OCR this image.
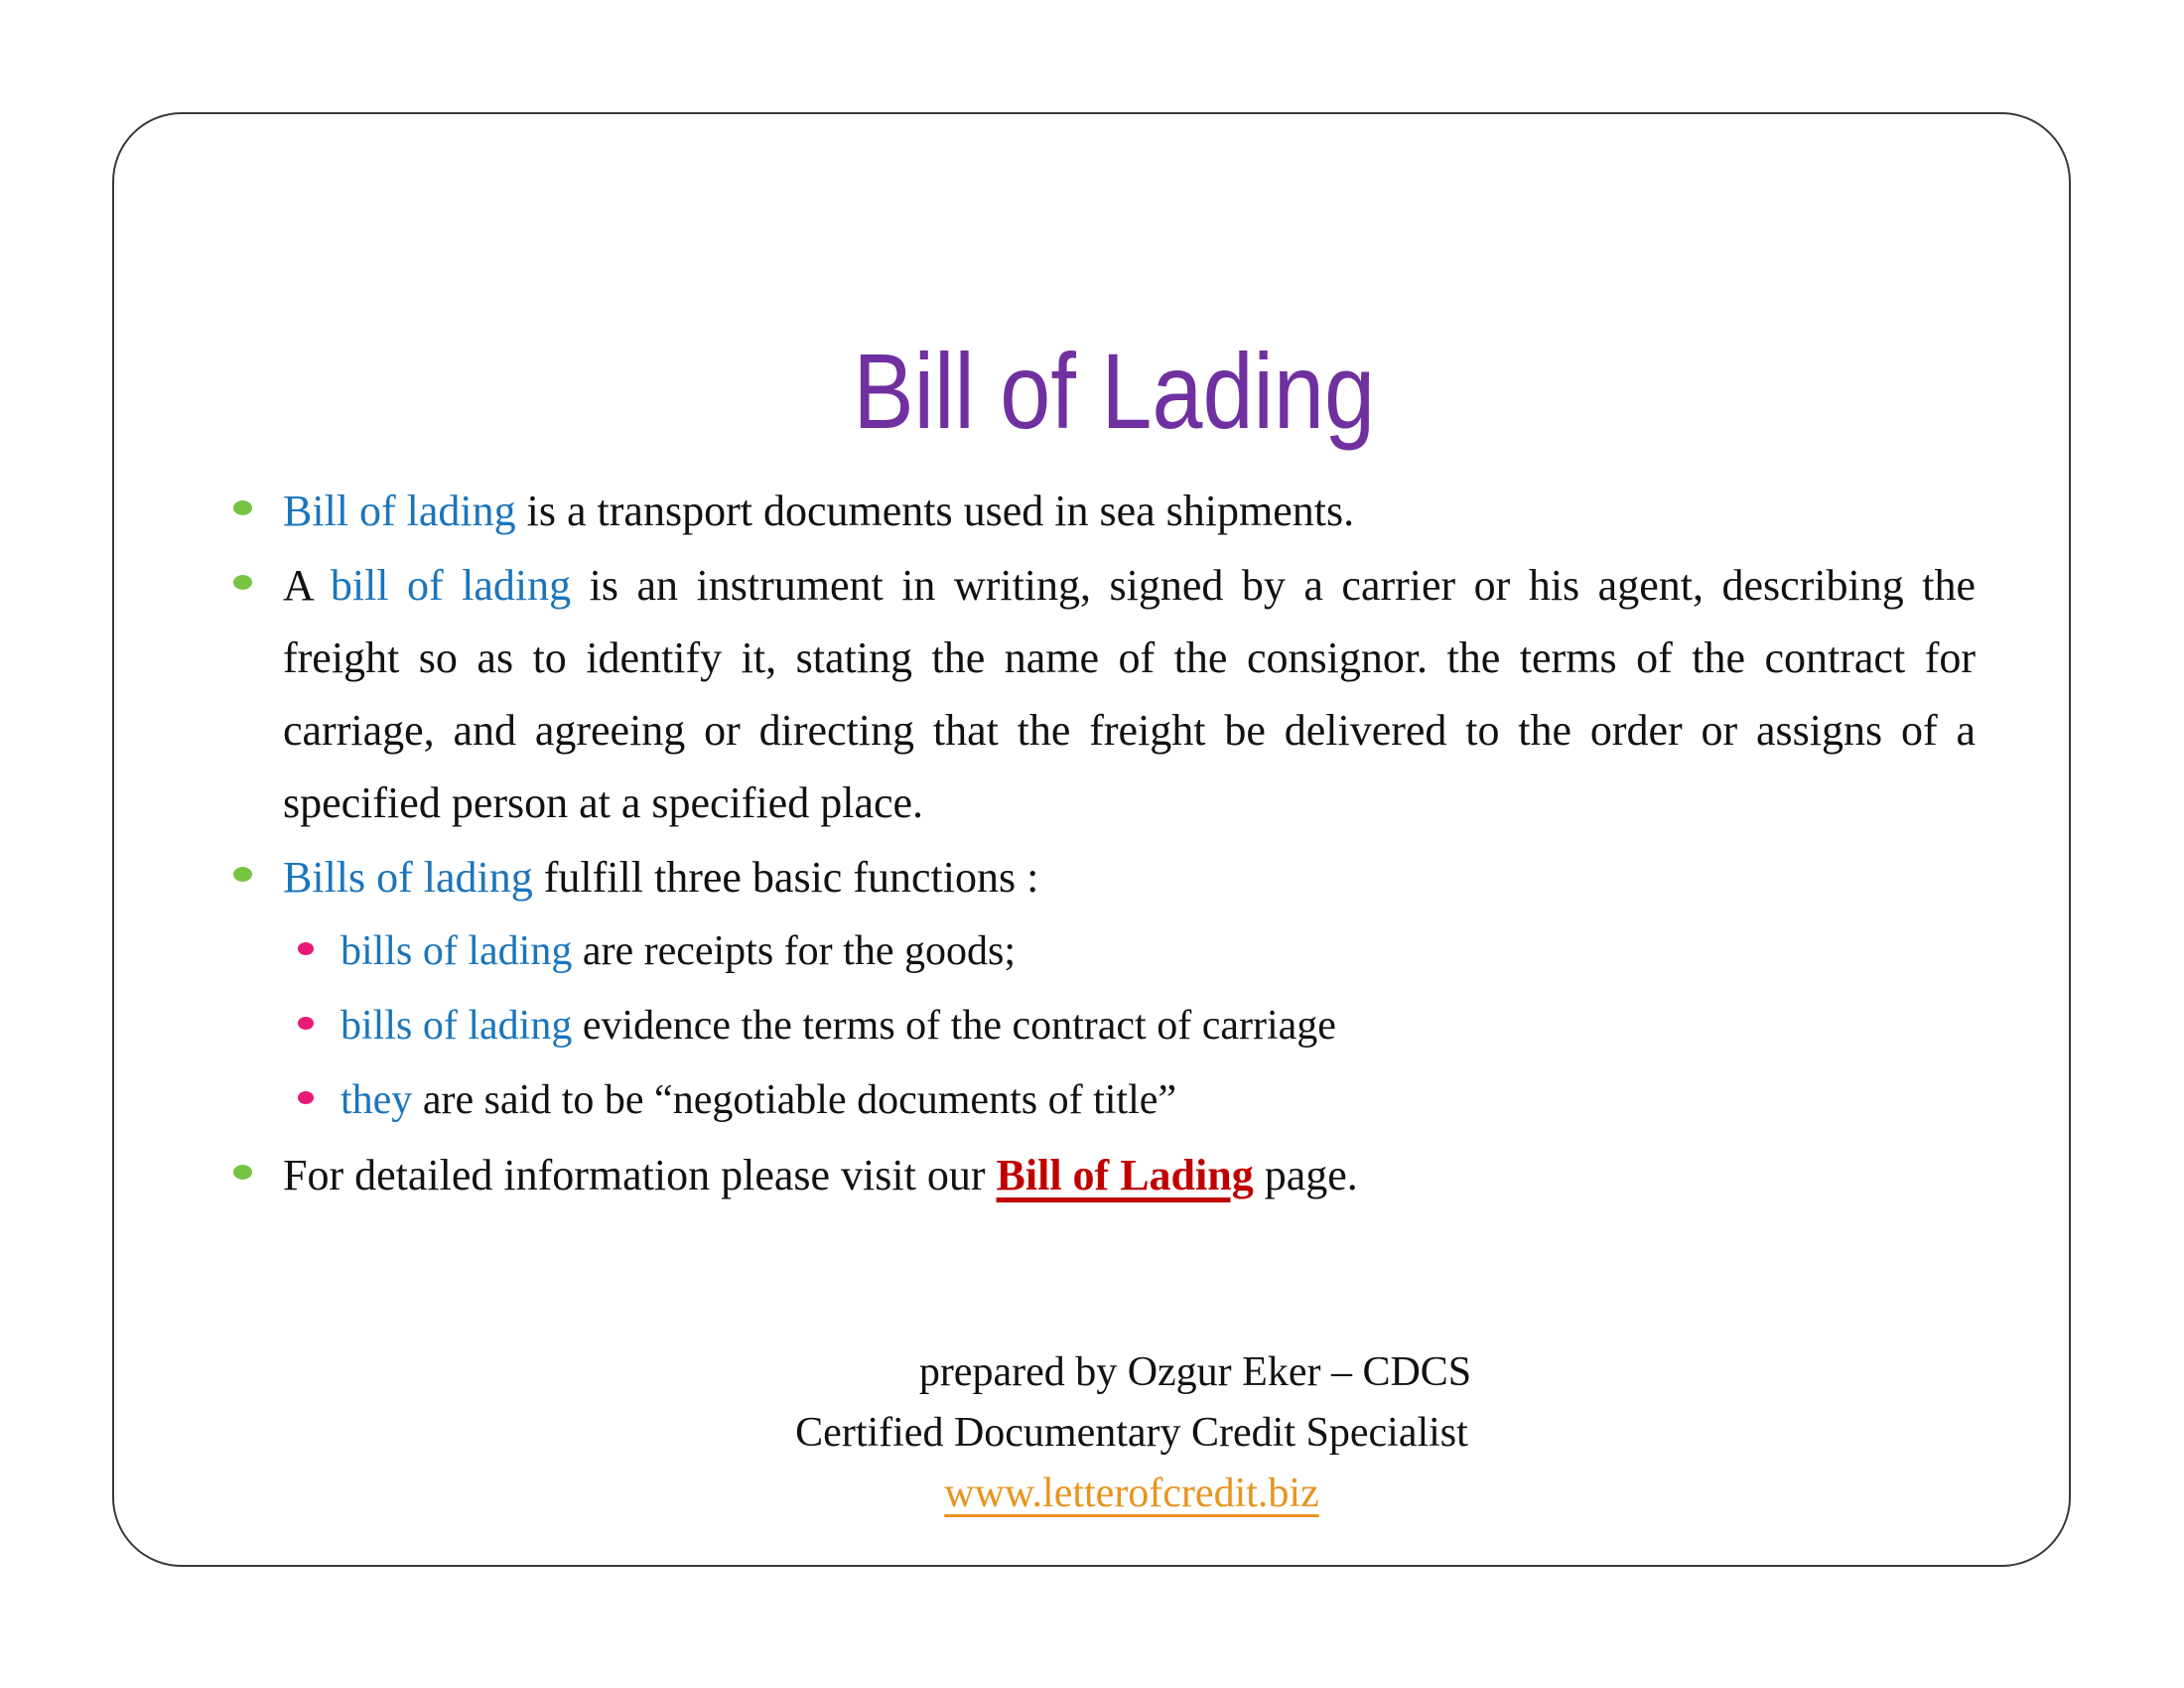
Bill of Lading
Bill of lading is a transport documents used in sea shipments.
A bill of lading is an instrument in writing, signed by a carrier or his agent, describing the freight so as to identify it, stating the name of the consignor. the terms of the contract for carriage, and agreeing or directing that the freight be delivered to the order or assigns of a specified person at a specified place.
Bills of lading fulfill three basic functions :
bills of lading are receipts for the goods;
bills of lading evidence the terms of the contract of carriage
they are said to be “negotiable documents of title”
For detailed information please visit our Bill of Lading page.
prepared by Ozgur Eker – CDCS
Certified Documentary Credit Specialist
www.letterofcredit.biz
